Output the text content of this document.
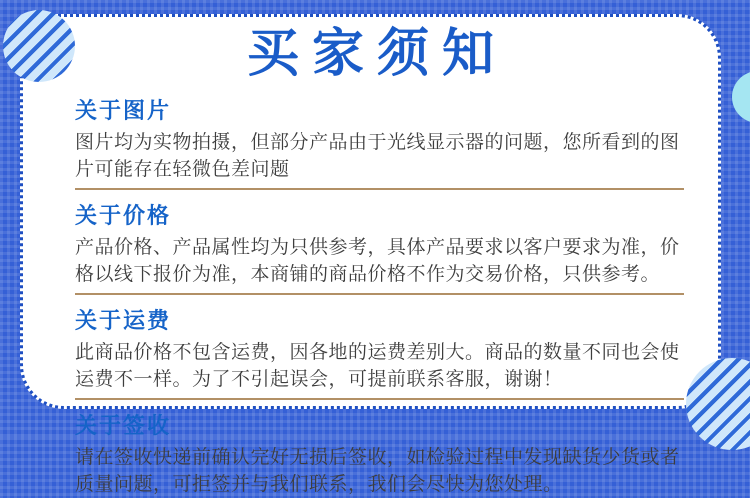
买家须知
关于图片
图片均为实物拍摄，但部分产品由于光线显示器的问题，您所看到的图片可能存在轻微色差问题
关于价格
产品价格、产品属性均为只供参考，具体产品要求以客户要求为准，价格以线下报价为准，本商铺的商品价格不作为交易价格，只供参考。
关于运费
此商品价格不包含运费，因各地的运费差别大。商品的数量不同也会使运费不一样。为了不引起误会，可提前联系客服，谢谢！
关于签收
请在签收快递前确认完好无损后签收，如检验过程中发现缺货少货或者质量问题，可拒签并与我们联系，我们会尽快为您处理。
